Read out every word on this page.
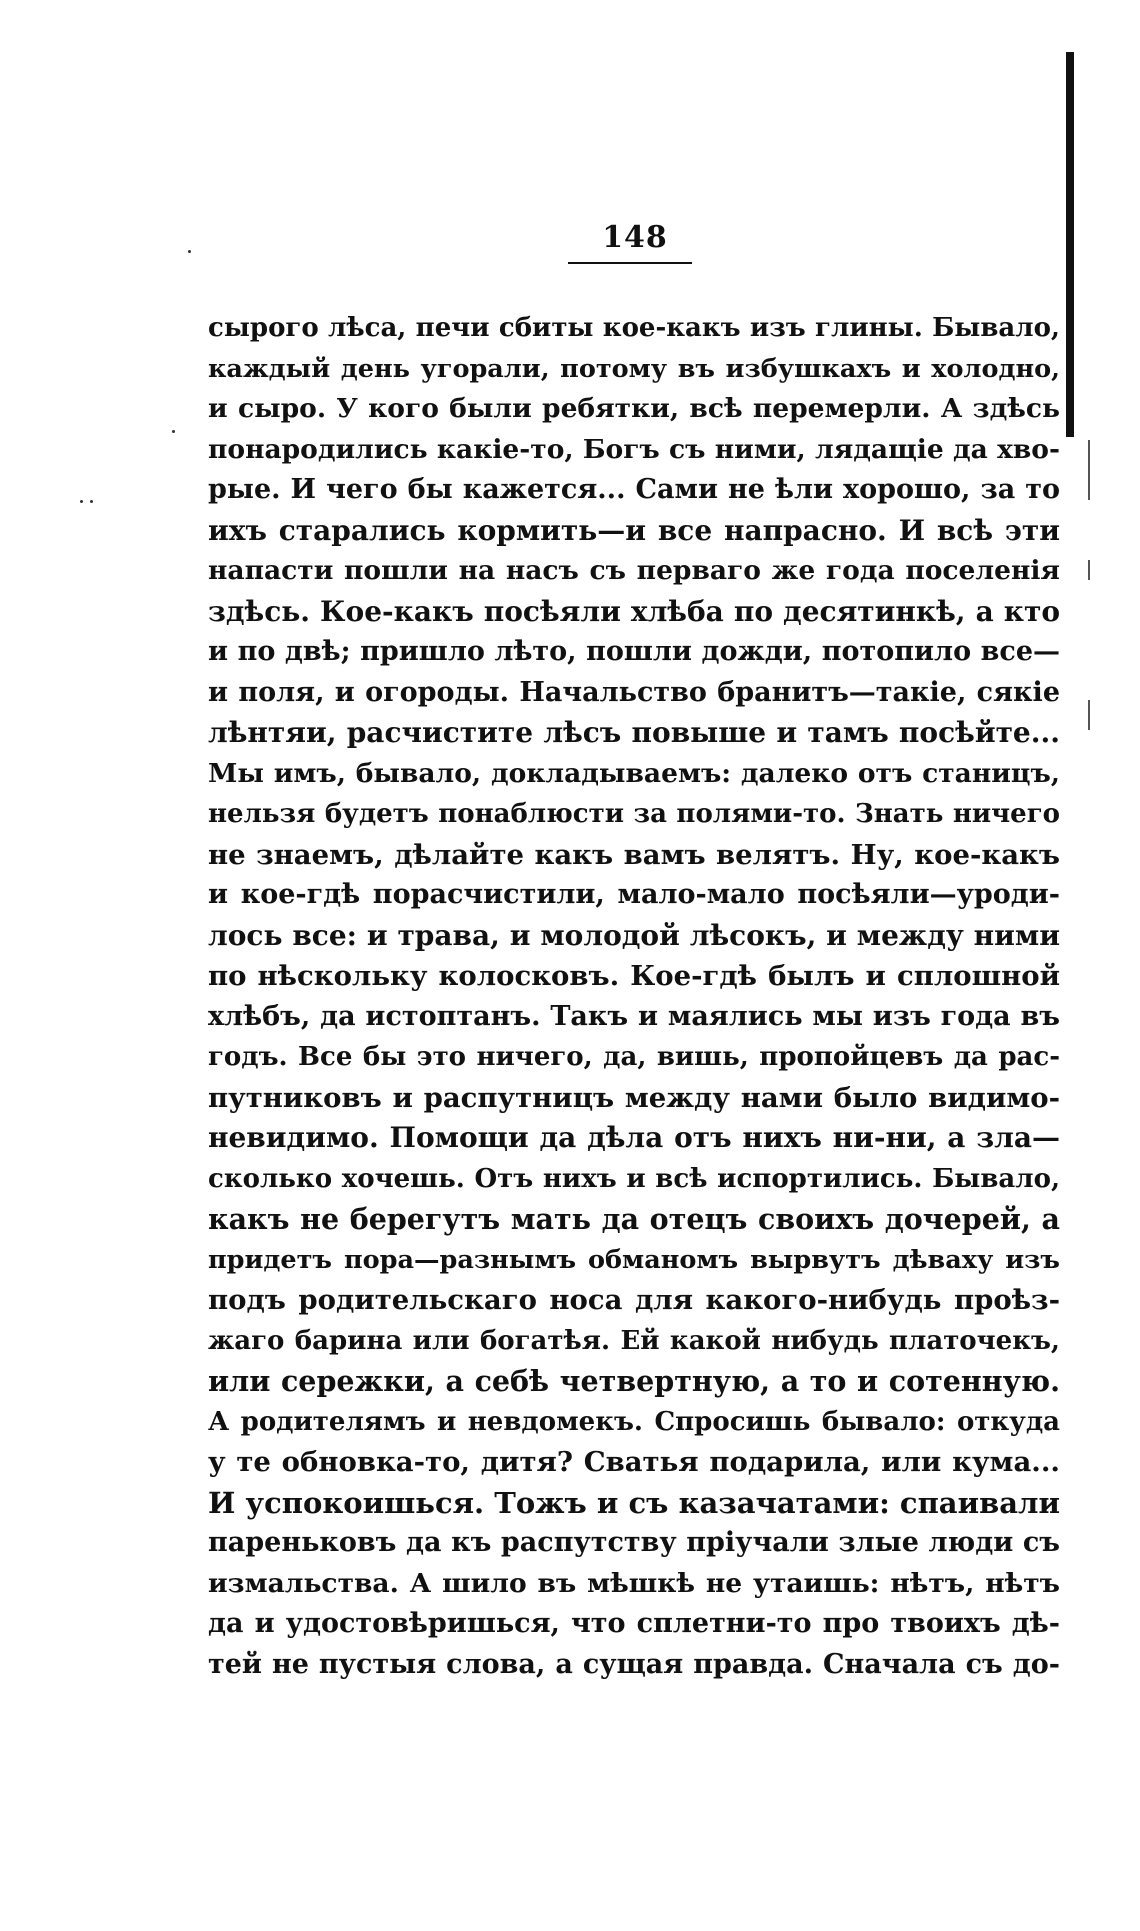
148
сырого лѣса, печи сбиты кое-какъ изъ глины. Бывало,
каждый день угорали, потому въ избушкахъ и холодно,
и сыро. У кого были ребятки, всѣ перемерли. А здѣсь
понародились какіе-то, Богъ съ ними, лядащіе да хво-
рые. И чего бы кажется... Сами не ѣли хорошо, за то
ихъ старались кормить—и все напрасно. И всѣ эти
напасти пошли на насъ съ перваго же года поселенія
здѣсь. Кое-какъ посѣяли хлѣба по десятинкѣ, а кто
и по двѣ; пришло лѣто, пошли дожди, потопило все—
и поля, и огороды. Начальство бранитъ—такіе, сякіе
лѣнтяи, расчистите лѣсъ повыше и тамъ посѣйте...
Мы имъ, бывало, докладываемъ: далеко отъ станицъ,
нельзя будетъ понаблюсти за полями-то. Знать ничего
не знаемъ, дѣлайте какъ вамъ велятъ. Ну, кое-какъ
и кое-гдѣ порасчистили, мало-мало посѣяли—уроди-
лось все: и трава, и молодой лѣсокъ, и между ними
по нѣскольку колосковъ. Кое-гдѣ былъ и сплошной
хлѣбъ, да истоптанъ. Такъ и маялись мы изъ года въ
годъ. Все бы это ничего, да, вишь, пропойцевъ да рас-
путниковъ и распутницъ между нами было видимо-
невидимо. Помощи да дѣла отъ нихъ ни-ни, а зла—
сколько хочешь. Отъ нихъ и всѣ испортились. Бывало,
какъ не берегутъ мать да отецъ своихъ дочерей, а
придетъ пора—разнымъ обманомъ вырвутъ дѣваху изъ
подъ родительскаго носа для какого-нибудь проѣз-
жаго барина или богатѣя. Ей какой нибудь платочекъ,
или сережки, а себѣ четвертную, а то и сотенную.
А родителямъ и невдомекъ. Спросишь бывало: откуда
у те обновка-то, дитя? Сватья подарила, или кума...
И успокоишься. Тожъ и съ казачатами: спаивали
пареньковъ да къ распутству пріучали злые люди съ
измальства. А шило въ мѣшкѣ не утаишь: нѣтъ, нѣтъ
да и удостовѣришься, что сплетни-то про твоихъ дѣ-
тей не пустыя слова, а сущая правда. Сначала съ до-
